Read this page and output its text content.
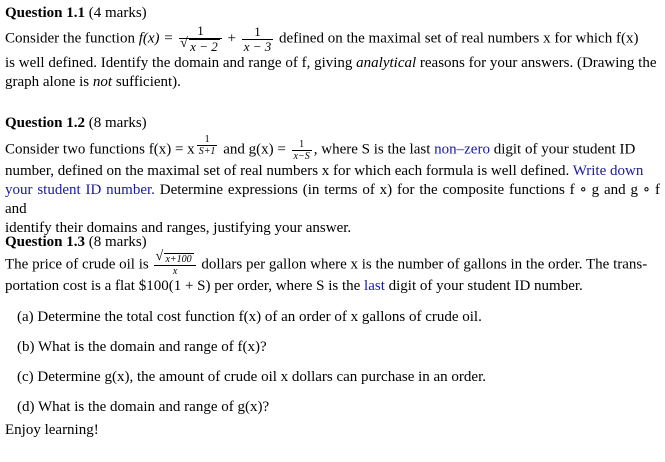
Question 1.1 (4 marks)
Consider the function f(x) = 1
√ $x - 2 + \frac{1}{x - 3}$ defined on the maximal set of real numbers x for which f(x)
is well defined. Identify the domain and range of f, giving analytical reasons for your answers. (Drawing the
graph alone is not sufficient).
Question 1.2 (8 marks)
Consider two functions f(x) = x $^{\frac{1}{S+1}}$ and $g(x) = \frac{1}{x-S}$ , where S is the last non–zero digit of your student ID
number, defined on the maximal set of real numbers x for which each formula is well defined. Write down
your student ID number. Determine expressions (in terms of x) for the composite functions f ∘ g and g ∘ f and
identify their domains and ranges, justifying your answer.
Question 1.3 (8 marks)
The price of crude oil is
√ $\frac{x+100}{x}$ dollars per gallon where x is the number of gallons in the order. The trans-
portation cost is a flat $100(1 + S) per order, where S is the last digit of your student ID number.
(a) Determine the total cost function f(x) of an order of x gallons of crude oil.
(b) What is the domain and range of f(x)?
(c) Determine g(x), the amount of crude oil x dollars can purchase in an order.
(d) What is the domain and range of g(x)?
Enjoy learning!
